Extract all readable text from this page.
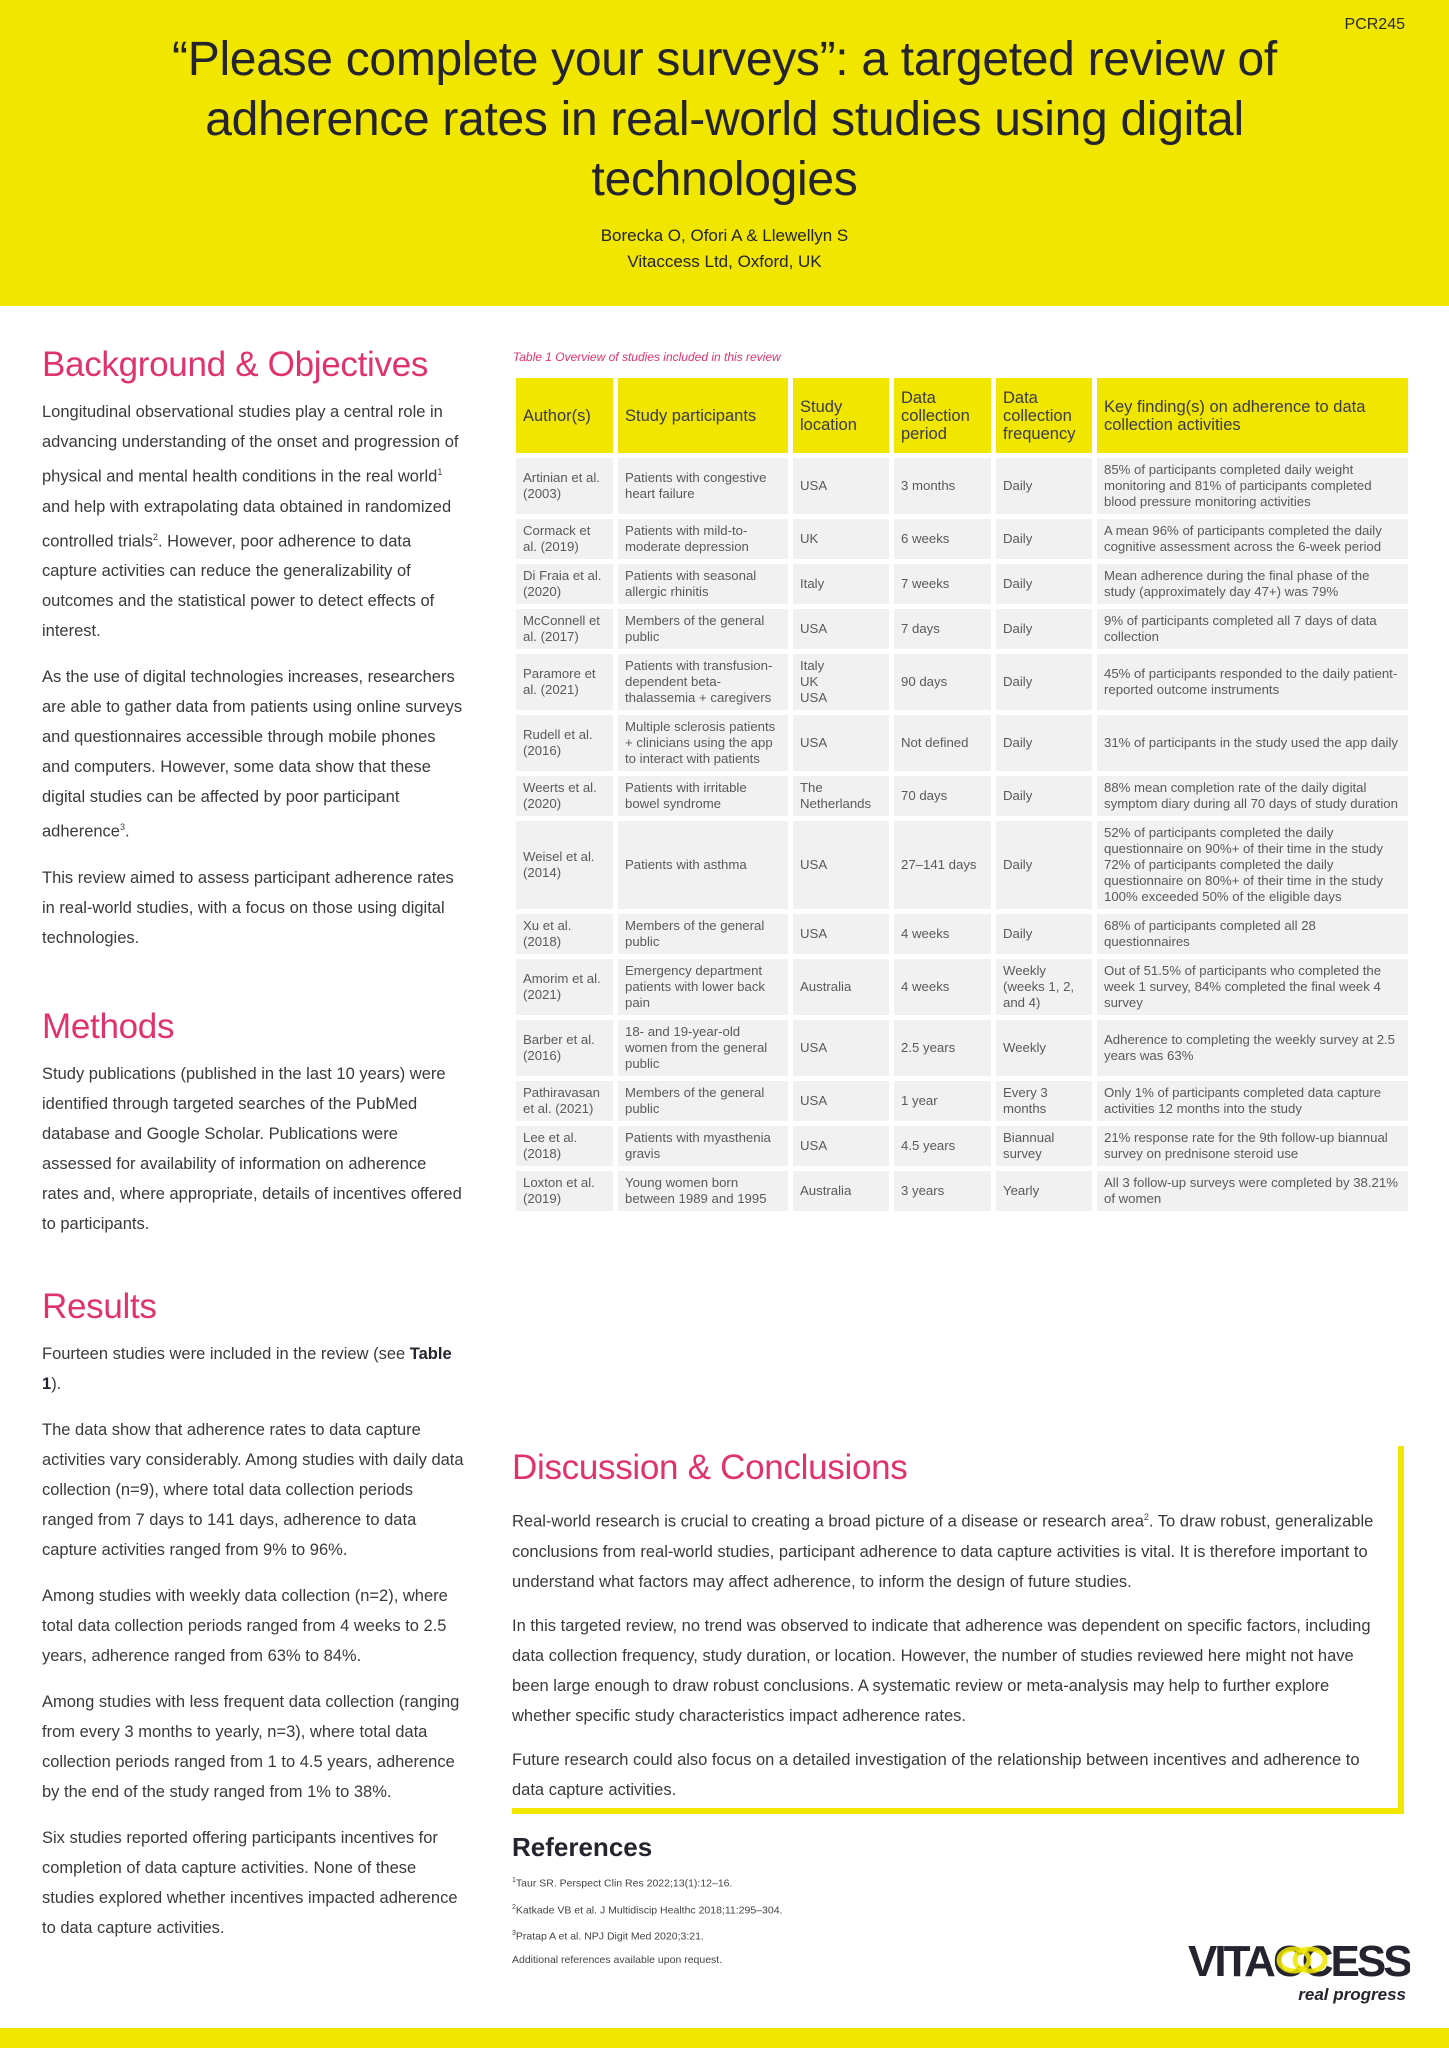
PCR245
“Please complete your surveys”: a targeted review of adherence rates in real-world studies using digital technologies
Borecka O, Ofori A & Llewellyn S
Vitaccess Ltd, Oxford, UK
Background & Objectives

Longitudinal observational studies play a central role in advancing understanding of the onset and progression of physical and mental health conditions in the real world$^1$ and help with extrapolating data obtained in randomized controlled trials$^2$. However, poor adherence to data capture activities can reduce the generalizability of outcomes and the statistical power to detect effects of interest.

As the use of digital technologies increases, researchers are able to gather data from patients using online surveys and questionnaires accessible through mobile phones and computers. However, some data show that these digital studies can be affected by poor participant adherence$^3$.

This review aimed to assess participant adherence rates in real-world studies, with a focus on those using digital technologies.

Methods

Study publications (published in the last 10 years) were identified through targeted searches of the PubMed database and Google Scholar. Publications were assessed for availability of information on adherence rates and, where appropriate, details of incentives offered to participants.

Results

Fourteen studies were included in the review (see Table 1).

The data show that adherence rates to data capture activities vary considerably. Among studies with daily data collection (n=9), where total data collection periods ranged from 7 days to 141 days, adherence to data capture activities ranged from 9% to 96%.

Among studies with weekly data collection (n=2), where total data collection periods ranged from 4 weeks to 2.5 years, adherence ranged from 63% to 84%.

Among studies with less frequent data collection (ranging from every 3 months to yearly, n=3), where total data collection periods ranged from 1 to 4.5 years, adherence by the end of the study ranged from 1% to 38%.

Six studies reported offering participants incentives for completion of data capture activities. None of these studies explored whether incentives impacted adherence to data capture activities.

Table 1 Overview of studies included in this review
Author(s)	Study participants	Study location	Data collection period	Data collection frequency	Key finding(s) on adherence to data collection activities
Artinian et al. (2003)	Patients with congestive heart failure	USA	3 months	Daily	85% of participants completed daily weight monitoring and 81% of participants completed blood pressure monitoring activities
Cormack et al. (2019)	Patients with mild-to-moderate depression	UK	6 weeks	Daily	A mean 96% of participants completed the daily cognitive assessment across the 6-week period
Di Fraia et al. (2020)	Patients with seasonal allergic rhinitis	Italy	7 weeks	Daily	Mean adherence during the final phase of the study (approximately day 47+) was 79%
McConnell et al. (2017)	Members of the general public	USA	7 days	Daily	9% of participants completed all 7 days of data collection
Paramore et al. (2021)	Patients with transfusion-dependent beta-thalassemia + caregivers	Italy
UK
USA	90 days	Daily	45% of participants responded to the daily patient-reported outcome instruments
Rudell et al. (2016)	Multiple sclerosis patients + clinicians using the app to interact with patients	USA	Not defined	Daily	31% of participants in the study used the app daily
Weerts et al. (2020)	Patients with irritable bowel syndrome	The Netherlands	70 days	Daily	88% mean completion rate of the daily digital symptom diary during all 70 days of study duration
Weisel et al. (2014)	Patients with asthma	USA	27–141 days	Daily	52% of participants completed the daily questionnaire on 90%+ of their time in the study
72% of participants completed the daily questionnaire on 80%+ of their time in the study
100% exceeded 50% of the eligible days
Xu et al. (2018)	Members of the general public	USA	4 weeks	Daily	68% of participants completed all 28 questionnaires
Amorim et al. (2021)	Emergency department patients with lower back pain	Australia	4 weeks	Weekly (weeks 1, 2, and 4)	Out of 51.5% of participants who completed the week 1 survey, 84% completed the final week 4 survey
Barber et al. (2016)	18- and 19-year-old women from the general public	USA	2.5 years	Weekly	Adherence to completing the weekly survey at 2.5 years was 63%
Pathiravasan et al. (2021)	Members of the general public	USA	1 year	Every 3 months	Only 1% of participants completed data capture activities 12 months into the study
Lee et al. (2018)	Patients with myasthenia gravis	USA	4.5 years	Biannual survey	21% response rate for the 9th follow-up biannual survey on prednisone steroid use
Loxton et al. (2019)	Young women born between 1989 and 1995	Australia	3 years	Yearly	All 3 follow-up surveys were completed by 38.21% of women
Discussion & Conclusions

Real-world research is crucial to creating a broad picture of a disease or research area$^2$. To draw robust, generalizable conclusions from real-world studies, participant adherence to data capture activities is vital. It is therefore important to understand what factors may affect adherence, to inform the design of future studies.

In this targeted review, no trend was observed to indicate that adherence was dependent on specific factors, including data collection frequency, study duration, or location. However, the number of studies reviewed here might not have been large enough to draw robust conclusions. A systematic review or meta-analysis may help to further explore whether specific study characteristics impact adherence rates.

Future research could also focus on a detailed investigation of the relationship between incentives and adherence to data capture activities.

References
$^1$Taur SR. Perspect Clin Res 2022;13(1):12–16.
$^2$Katkade VB et al. J Multidiscip Healthc 2018;11:295–304.
$^3$Pratap A et al. NPJ Digit Med 2020;3:21.
Additional references available upon request.	VITACCESS
real progress
